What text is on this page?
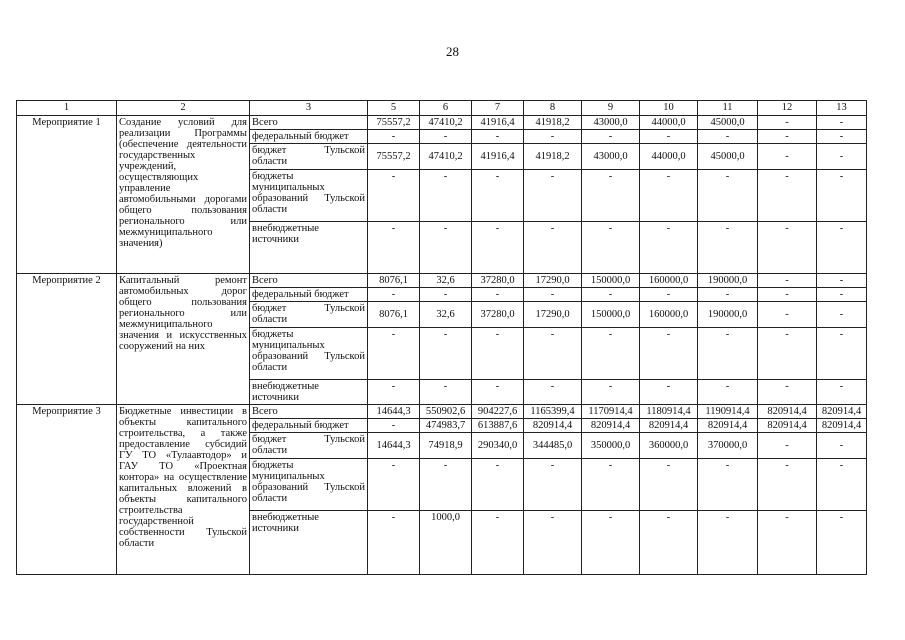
28
1	2	3	5	6	7	8	9	10	11	12	13
Мероприятие 1	Создание условий для реализации Программы (обеспечение деятельности государственных учреждений, осуществляющих управление автомобильными дорогами общего пользования регионального или межмуниципального значения)	Всего	75557,2	47410,2	41916,4	41918,2	43000,0	44000,0	45000,0	-	-
		федеральный бюджет	-	-	-	-	-	-	-	-	-
		бюджет Тульской области	75557,2	47410,2	41916,4	41918,2	43000,0	44000,0	45000,0	-	-
		бюджеты муниципальных образований Тульской области	-	-	-	-	-	-	-	-	-
		внебюджетные источники	-	-	-	-	-	-	-	-	-
Мероприятие 2	Капитальный ремонт автомобильных дорог общего пользования регионального или межмуниципального значения и искусственных сооружений на них	Всего	8076,1	32,6	37280,0	17290,0	150000,0	160000,0	190000,0	-	-
		федеральный бюджет	-	-	-	-	-	-	-	-	-
		бюджет Тульской области	8076,1	32,6	37280,0	17290,0	150000,0	160000,0	190000,0	-	-
		бюджеты муниципальных образований Тульской области	-	-	-	-	-	-	-	-	-
		внебюджетные источники	-	-	-	-	-	-	-	-	-
Мероприятие 3	Бюджетные инвестиции в объекты капитального строительства, а также предоставление субсидий ГУ ТО «Тулаавтодор» и ГАУ ТО «Проектная контора» на осуществление капитальных вложений в объекты капитального строительства государственной собственности Тульской области	Всего	14644,3	550902,6	904227,6	1165399,4	1170914,4	1180914,4	1190914,4	820914,4	820914,4
		федеральный бюджет	-	474983,7	613887,6	820914,4	820914,4	820914,4	820914,4	820914,4	820914,4
		бюджет Тульской области	14644,3	74918,9	290340,0	344485,0	350000,0	360000,0	370000,0	-	-
		бюджеты муниципальных образований Тульской области	-	-	-	-	-	-	-	-	-
		внебюджетные источники	-	1000,0	-	-	-	-	-	-	-
